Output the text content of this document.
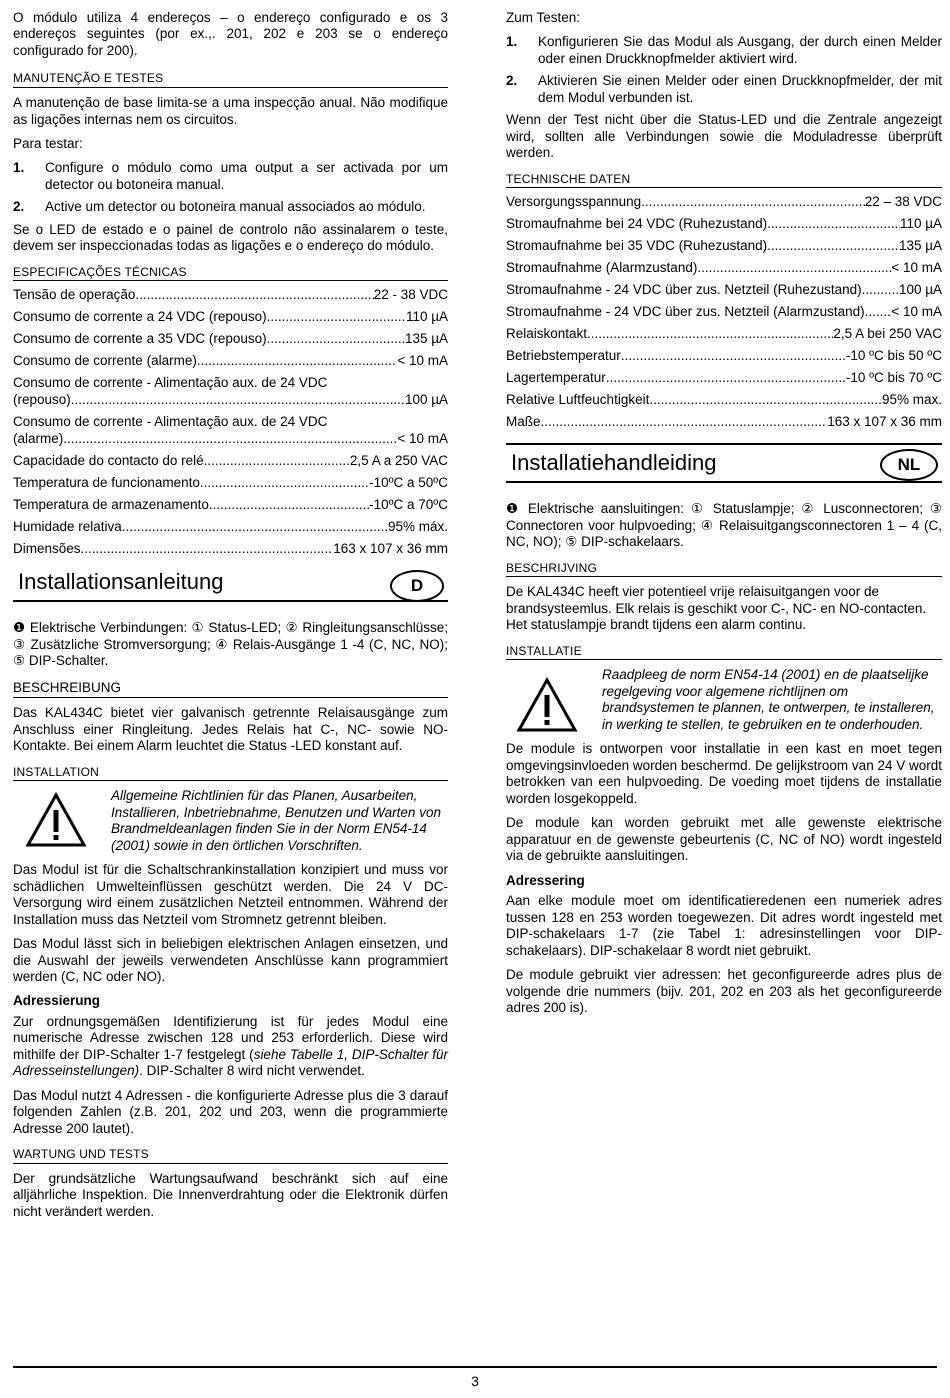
O módulo utiliza 4 endereços – o endereço configurado e os 3 endereços seguintes (por ex.,. 201, 202 e 203 se o endereço configurado for 200).

MANUTENÇÃO E TESTES

A manutenção de base limita-se a uma inspecção anual. Não modifique as ligações internas nem os circuitos.

Para testar:

1.	Configure o módulo como uma output a ser activada por um detector ou botoneira manual.
2.	Active um detector ou botoneira manual associados ao módulo.

Se o LED de estado e o painel de controlo não assinalarem o teste, devem ser inspeccionadas todas as ligações e o endereço do módulo.

ESPECIFICAÇÕES TÉCNICAS
Tensão de operação .....	22 - 38 VDC
Consumo de corrente a 24 VDC (repouso) .....	110 µA
Consumo de corrente a 35 VDC (repouso) .....	135 µA
Consumo de corrente (alarme) .....	< 10 mA
Consumo de corrente - Alimentação aux. de 24 VDC
(repouso) .....	100 µA
Consumo de corrente - Alimentação aux. de 24 VDC
(alarme) .....	< 10 mA
Capacidade do contacto do relé .....	2,5 A a 250 VAC
Temperatura de funcionamento .....	-10ºC a 50ºC
Temperatura de armazenamento .....	-10ºC a 70ºC
Humidade relativa .....	95% máx.
Dimensões .....	163 x 107 x 36 mm
Installationsanleitung	D

❶ Elektrische Verbindungen: ① Status-LED; ② Ringleitungsanschlüsse; ③ Zusätzliche Stromversorgung; ④ Relais-Ausgänge 1 -4 (C, NC, NO); ⑤ DIP-Schalter.

BESCHREIBUNG

Das KAL434C bietet vier galvanisch getrennte Relaisausgänge zum Anschluss einer Ringleitung. Jedes Relais hat C-, NC- sowie NO-Kontakte. Bei einem Alarm leuchtet die Status -LED konstant auf.

INSTALLATION
Allgemeine Richtlinien für das Planen, Ausarbeiten, Installieren, Inbetriebnahme, Benutzen und Warten von Brandmeldeanlagen finden Sie in der Norm EN54-14 (2001) sowie in den örtlichen Vorschriften.

Das Modul ist für die Schaltschrankinstallation konzipiert und muss vor schädlichen Umwelteinflüssen geschützt werden. Die 24 V DC-Versorgung wird einem zusätzlichen Netzteil entnommen. Während der Installation muss das Netzteil vom Stromnetz getrennt bleiben.

Das Modul lässt sich in beliebigen elektrischen Anlagen einsetzen, und die Auswahl der jeweils verwendeten Anschlüsse kann programmiert werden (C, NC oder NO).

Adressierung

Zur ordnungsgemäßen Identifizierung ist für jedes Modul eine numerische Adresse zwischen 128 und 253 erforderlich. Diese wird mithilfe der DIP-Schalter 1-7 festgelegt (siehe Tabelle 1, DIP-Schalter für Adresseinstellungen). DIP-Schalter 8 wird nicht verwendet.

Das Modul nutzt 4 Adressen - die konfigurierte Adresse plus die 3 darauf folgenden Zahlen (z.B. 201, 202 und 203, wenn die programmierte Adresse 200 lautet).

WARTUNG UND TESTS

Der grundsätzliche Wartungsaufwand beschränkt sich auf eine alljährliche Inspektion. Die Innenverdrahtung oder die Elektronik dürfen nicht verändert werden.

Zum Testen:

1.	Konfigurieren Sie das Modul als Ausgang, der durch einen Melder oder einen Druckknopfmelder aktiviert wird.
2.	Aktivieren Sie einen Melder oder einen Druckknopfmelder, der mit dem Modul verbunden ist.

Wenn der Test nicht über die Status-LED und die Zentrale angezeigt wird, sollten alle Verbindungen sowie die Moduladresse überprüft werden.

TECHNISCHE DATEN
Versorgungsspannung .....	22 – 38 VDC
Stromaufnahme bei 24 VDC (Ruhezustand) .....	110 µA
Stromaufnahme bei 35 VDC (Ruhezustand) .....	135 µA
Stromaufnahme (Alarmzustand) .....	< 10 mA
Stromaufnahme - 24 VDC über zus. Netzteil (Ruhezustand) .....	100 µA
Stromaufnahme - 24 VDC über zus. Netzteil (Alarmzustand) ..... < 10 mA
Relaiskontakt .....	2,5 A bei 250 VAC
Betriebstemperatur .....	-10 ºC bis 50 ºC
Lagertemperatur .....	-10 ºC bis 70 ºC
Relative Luftfeuchtigkeit .....	95% max.
Maße .....	163 x 107 x 36 mm
Installatiehandleiding	NL

❶ Elektrische aansluitingen: ① Statuslampje; ② Lusconnectoren; ③ Connectoren voor hulpvoeding; ④ Relaisuitgangsconnectoren 1 – 4 (C, NC, NO); ⑤ DIP-schakelaars.

BESCHRIJVING

De KAL434C heeft vier potentieel vrije relaisuitgangen voor de brandsysteemlus. Elk relais is geschikt voor C-, NC- en NO-contacten. Het statuslampje brandt tijdens een alarm continu.

INSTALLATIE
Raadpleeg de norm EN54-14 (2001) en de plaatselijke regelgeving voor algemene richtlijnen om brandsystemen te plannen, te ontwerpen, te installeren, in werking te stellen, te gebruiken en te onderhouden.

De module is ontworpen voor installatie in een kast en moet tegen omgevingsinvloeden worden beschermd. De gelijkstroom van 24 V wordt betrokken van een hulpvoeding. De voeding moet tijdens de installatie worden losgekoppeld.

De module kan worden gebruikt met alle gewenste elektrische apparatuur en de gewenste gebeurtenis (C, NC of NO) wordt ingesteld via de gebruikte aansluitingen.

Adressering

Aan elke module moet om identificatieredenen een numeriek adres tussen 128 en 253 worden toegewezen. Dit adres wordt ingesteld met DIP-schakelaars 1-7 (zie Tabel 1: adresinstellingen voor DIP-schakelaars). DIP-schakelaar 8 wordt niet gebruikt.

De module gebruikt vier adressen: het geconfigureerde adres plus de volgende drie nummers (bijv. 201, 202 en 203 als het geconfigureerde adres 200 is).

3
